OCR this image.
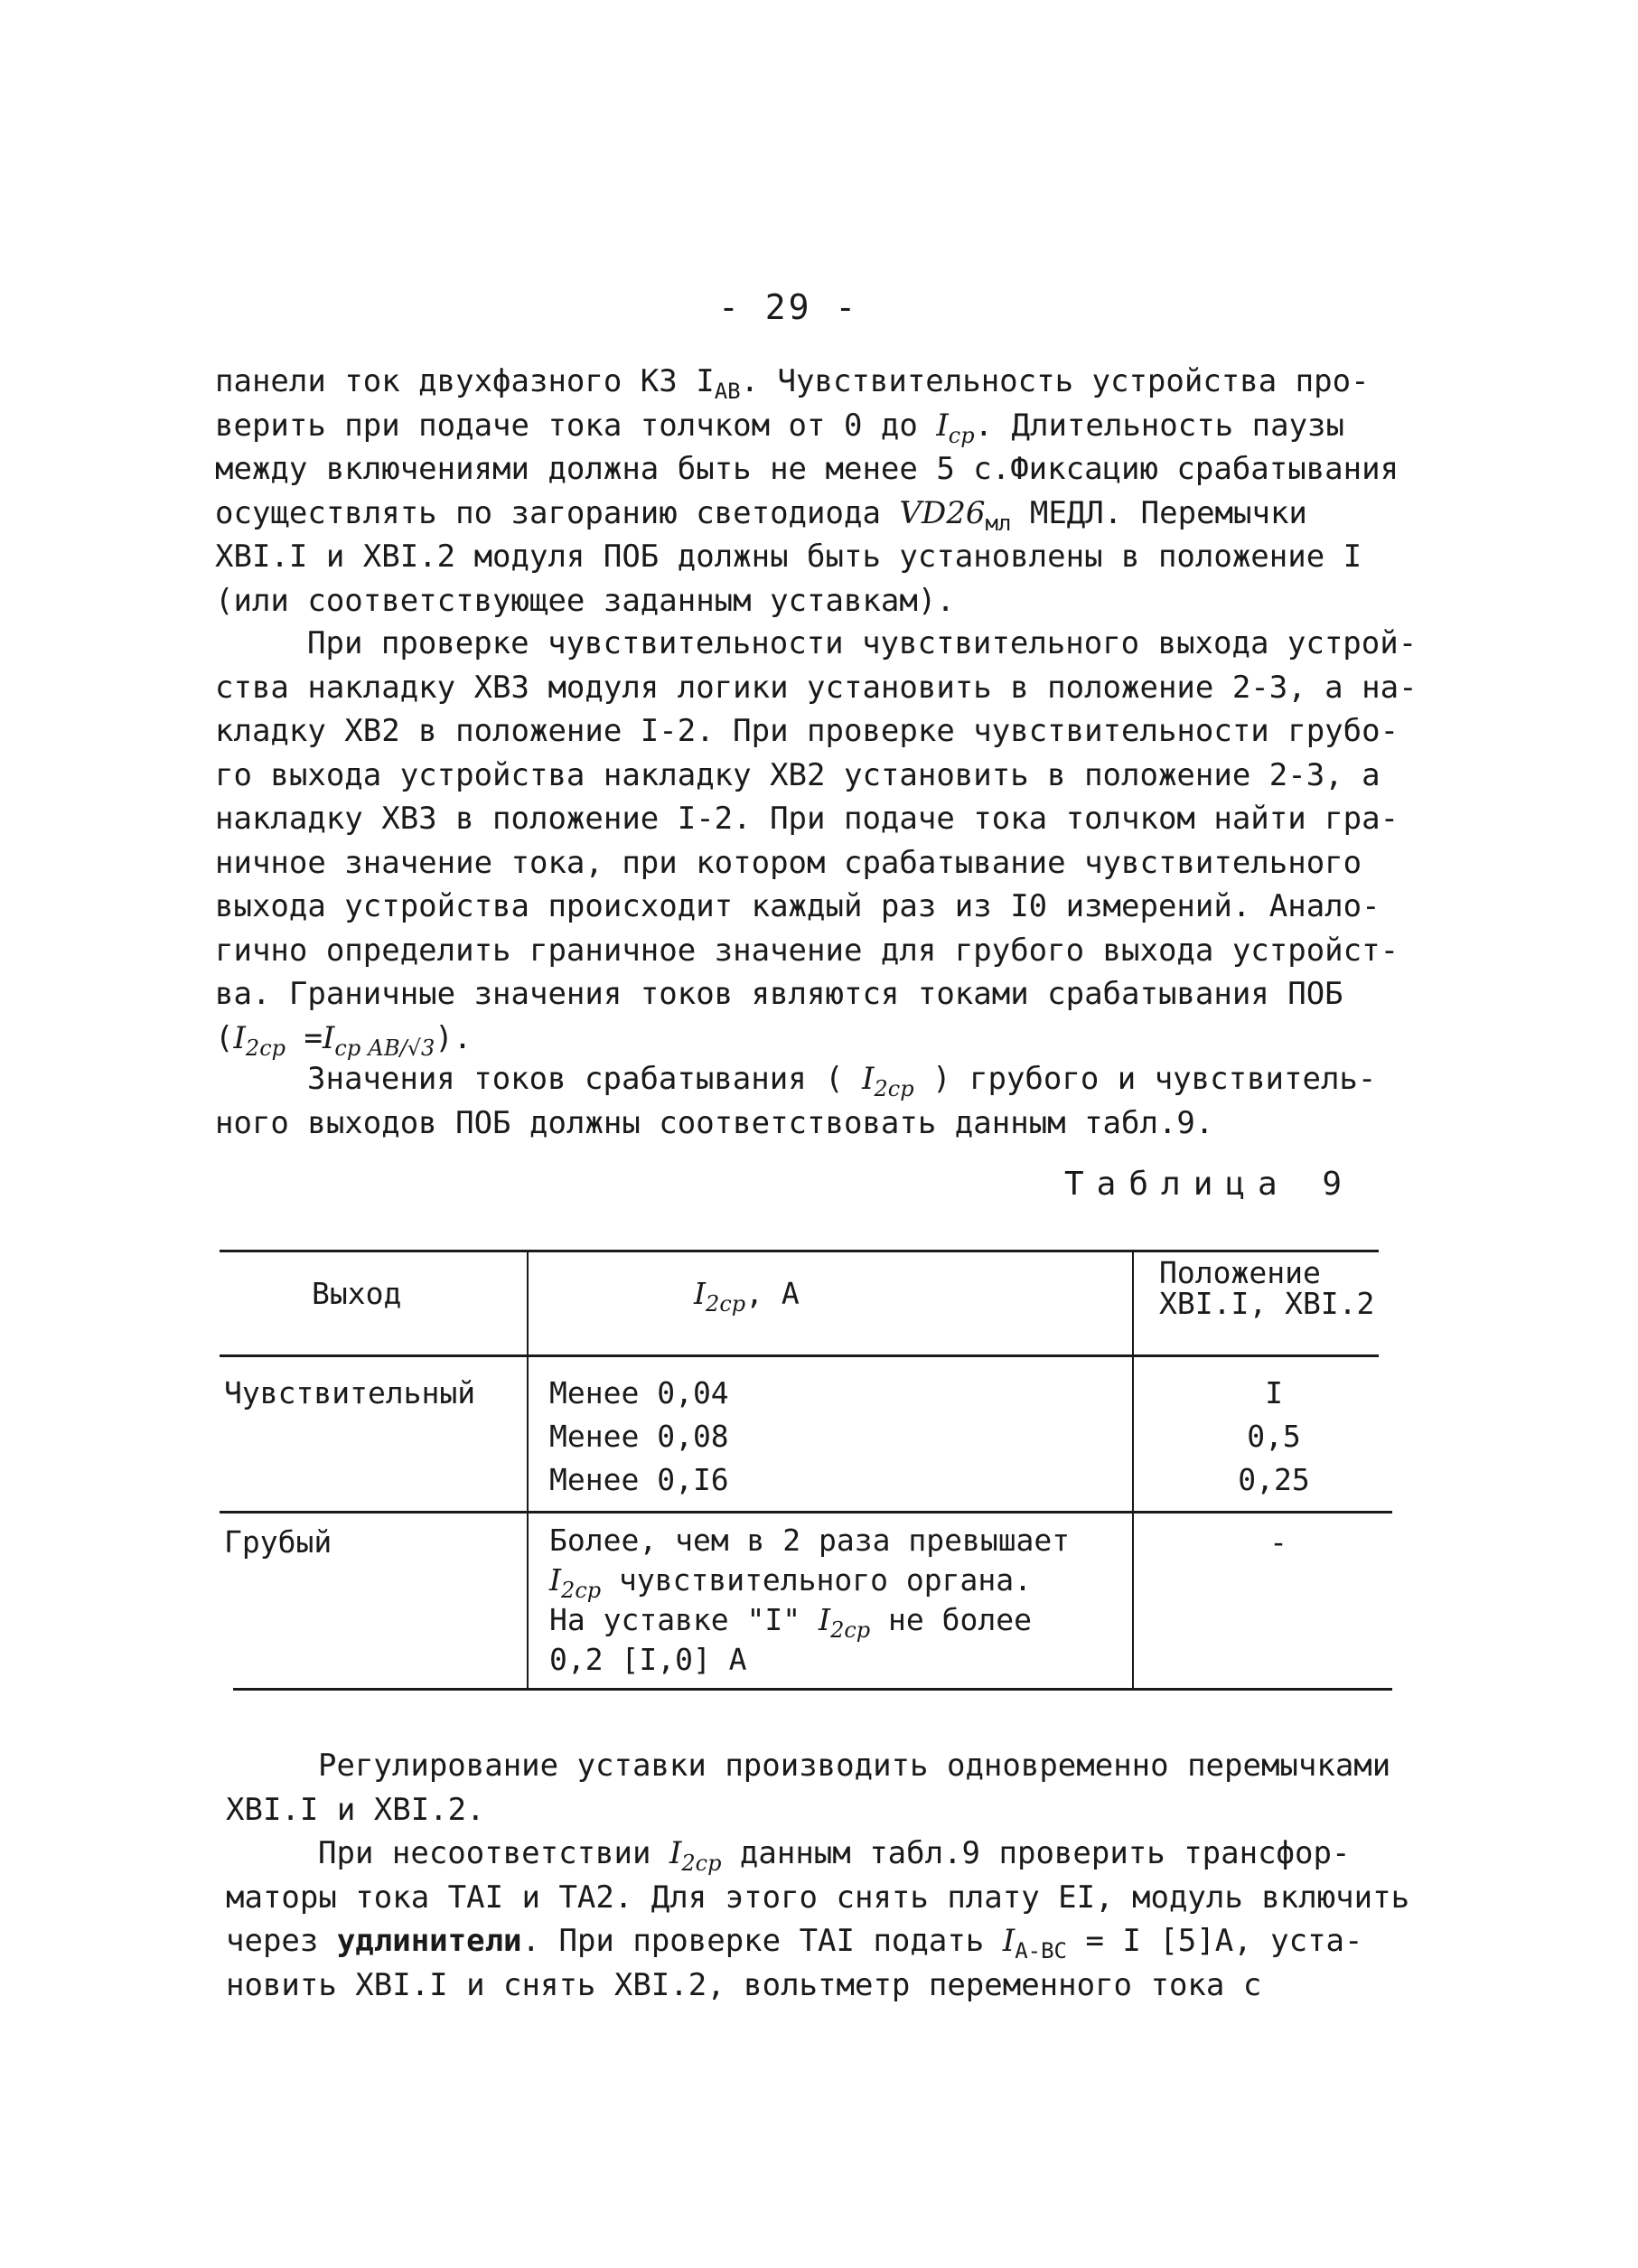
- 29 -
панели ток двухфазного КЗ $I_{AB}$. Чувствительность устройства про-
верить при подаче тока толчком от 0 до $I_{ср}$. Длительность паузы
между включениями должна быть не менее 5 с.Фиксацию срабатывания
осуществлять по загоранию светодиода $VD26_{мл}$ МЕДЛ. Перемычки
ХВI.I и ХВI.2 модуля ПОБ должны быть установлены в положение I
(или соответствующее заданным уставкам).
При проверке чувствительности чувствительного выхода устрой-
ства накладку ХВ3 модуля логики установить в положение 2-3, а на-
кладку ХВ2 в положение I-2. При проверке чувствительности грубо-
го выхода устройства накладку ХВ2 установить в положение 2-3, а
накладку ХВ3 в положение I-2. При подаче тока толчком найти гра-
ничное значение тока, при котором срабатывание чувствительного
выхода устройства происходит каждый раз из I0 измерений. Анало-
гично определить граничное значение для грубого выхода устройст-
ва. Граничные значения токов являются токами срабатывания ПОБ
$(I_{2ср} =I_{ср АВ/√3})$.
Значения токов срабатывания ( $I_{2ср}$ ) грубого и чувствитель-
ного выходов ПОБ должны соответствовать данным табл.9.
Таблица 9
Выход	$I_{2ср}$, А
Положение
ХВI.I, ХВI.2
Чувствительный Менее 0,04
Менее 0,08
Менее 0,I6
I
0,5
0,25
Грубый	Более, чем в 2 раза превышает
$I_{2ср}$ чувствительного органа.
На уставке "I" $I_{2ср}$ не более
0,2 [I,0] А
-
Регулирование уставки производить одновременно перемычками
ХВI.I и ХВI.2.
При несоответствии $I_{2ср}$ данным табл.9 проверить трансфор-
маторы тока ТАI и ТА2. Для этого снять плату ЕI, модуль включить
через удлинители. При проверке ТАI подать $I_{А-ВС} = I$ [5]А, уста-
новить ХВI.I и снять ХВI.2, вольтметр переменного тока с
